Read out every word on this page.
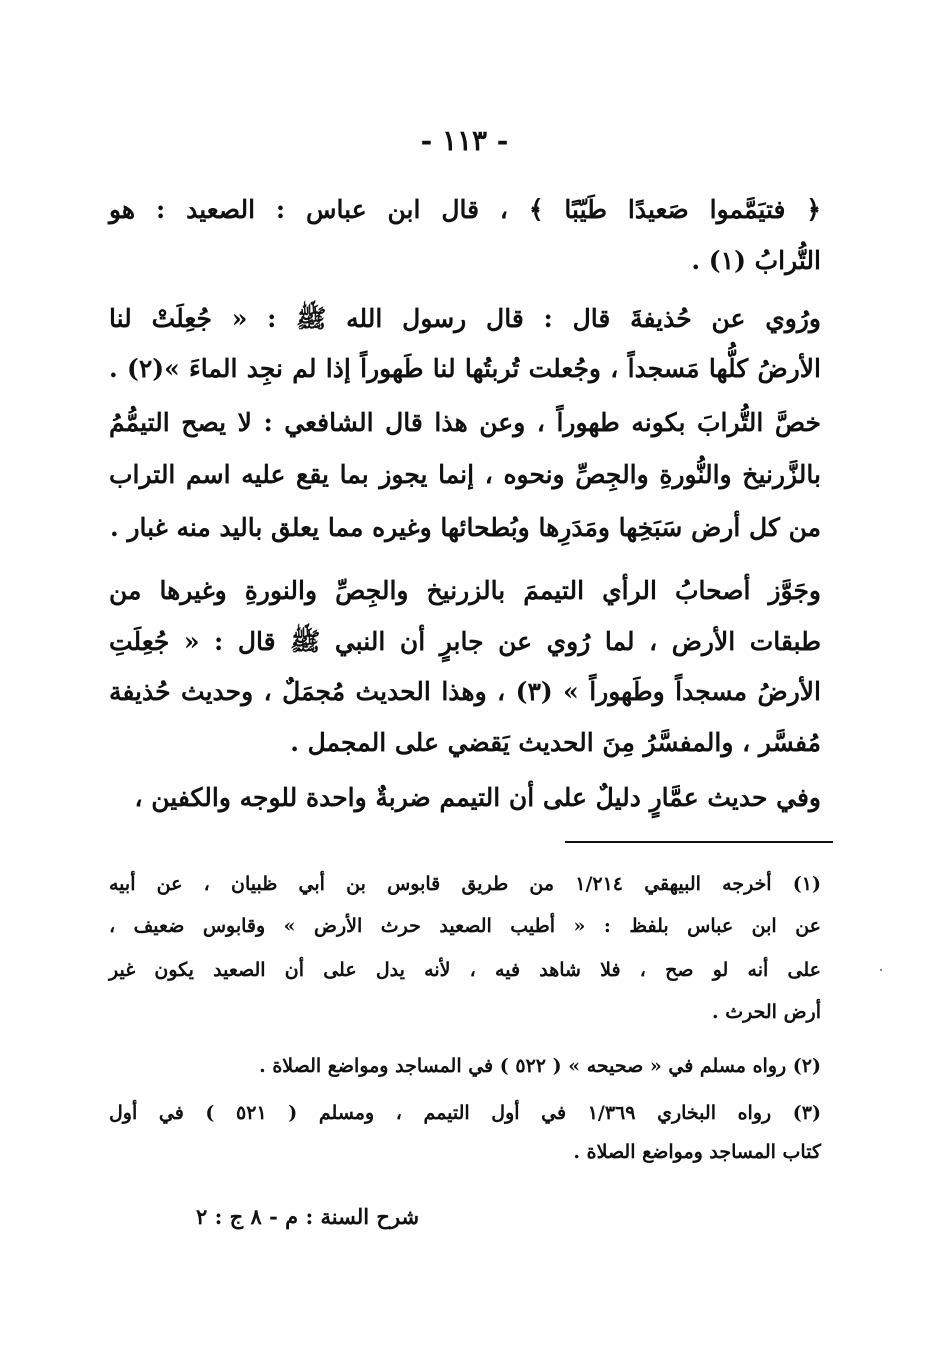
- ١١٣ -
﴿ فتيَمَّموا صَعيدًا طَيّبًا ﴾ ، قال ابن عباس : الصعيد : هو
التُّرابُ (١) .
ورُوي عن حُذيفةَ قال : قال رسول الله ﷺ : « جُعِلَتْ لنا
الأرضُ كلُّها مَسجداً ، وجُعلت تُربتُها لنا طَهوراً إذا لم نجِد الماءَ »(٢) .
خصَّ التُّرابَ بكونه طهوراً ، وعن هذا قال الشافعي : لا يصح التيمُّمُ
بالزَّرنيخ والنُّورةِ والجِصِّ ونحوه ، إنما يجوز بما يقع عليه اسم التراب
من كل أرض سَبَخِها ومَدَرِها وبُطحائها وغيره مما يعلق باليد منه غبار .
وجَوَّز أصحابُ الرأي التيممَ بالزرنيخ والجِصِّ والنورةِ وغيرها من
طبقات الأرض ، لما رُوي عن جابرٍ أن النبي ﷺ قال : « جُعِلَتِ
الأرضُ مسجداً وطَهوراً » (٣) ، وهذا الحديث مُجمَلٌ ، وحديث حُذيفة
مُفسَّر ، والمفسَّرُ مِنَ الحديث يَقضي على المجمل .
وفي حديث عمَّارٍ دليلٌ على أن التيمم ضربةٌ واحدة للوجه والكفين ،
(١) أخرجه البيهقي ١/٢١٤ من طريق قابوس بن أبي ظبيان ، عن أبيه
عن ابن عباس بلفظ : « أطيب الصعيد حرث الأرض » وقابوس ضعيف ،
على أنه لو صح ، فلا شاهد فيه ، لأنه يدل على أن الصعيد يكون غير
أرض الحرث .
(٢) رواه مسلم في « صحيحه » ( ٥٢٢ ) في المساجد ومواضع الصلاة .
(٣) رواه البخاري ١/٣٦٩ في أول التيمم ، ومسلم ( ٥٢١ ) في أول
كتاب المساجد ومواضع الصلاة .
شرح السنة : م - ٨ ج : ٢
